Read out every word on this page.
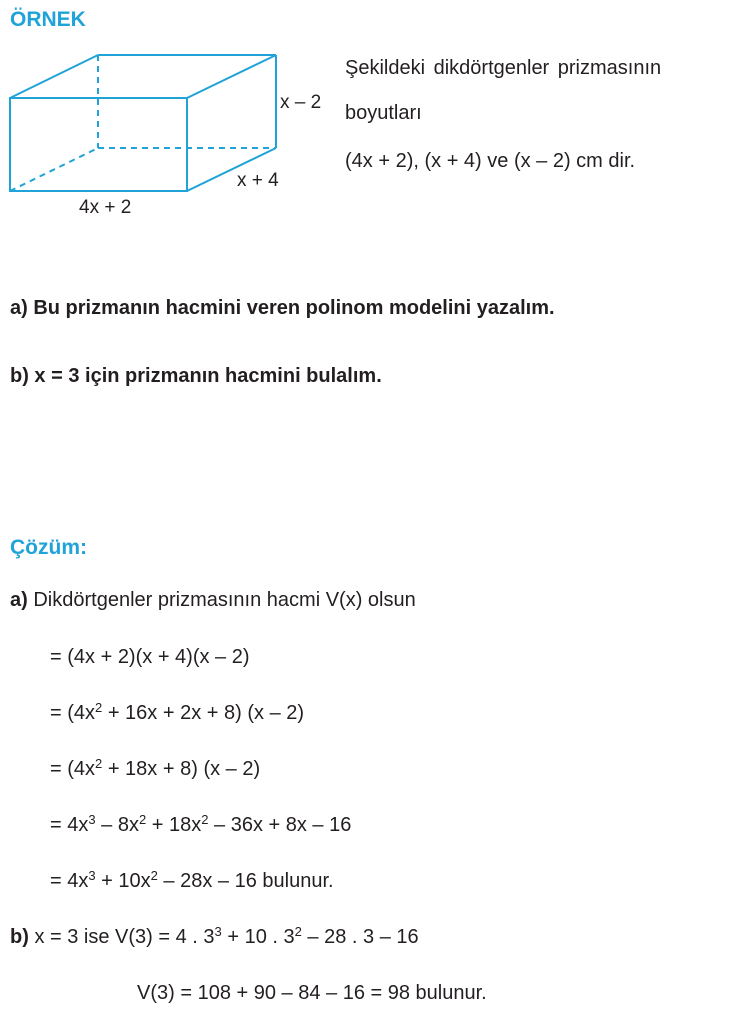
ÖRNEK
x – 2
x + 4
4x + 2
Şekildeki dikdörtgenler prizmasının
boyutları
(4x + 2), (x + 4) ve (x – 2) cm dir.
a) Bu prizmanın hacmini veren polinom modelini yazalım.
b) x = 3 için prizmanın hacmini bulalım.
Çözüm:
a) Dikdörtgenler prizmasının hacmi V(x) olsun
= (4x + 2)(x + 4)(x – 2)
= $(4x^2 + 16x + 2x + 8)$ (x – 2)
= $(4x^2 + 18x + 8)$ (x – 2)
= $4x^3 - 8x^2 + 18x^2 - 36x + 8x - 16$
= $4x^3 + 10x^2 - 28x - 16$ bulunur.
b) x = 3 ise V(3) = 4 . $3^3 + 10$ . $3^2 - 28$ . 3 – 16
V(3) = 108 + 90 – 84 – 16 = 98 bulunur.
